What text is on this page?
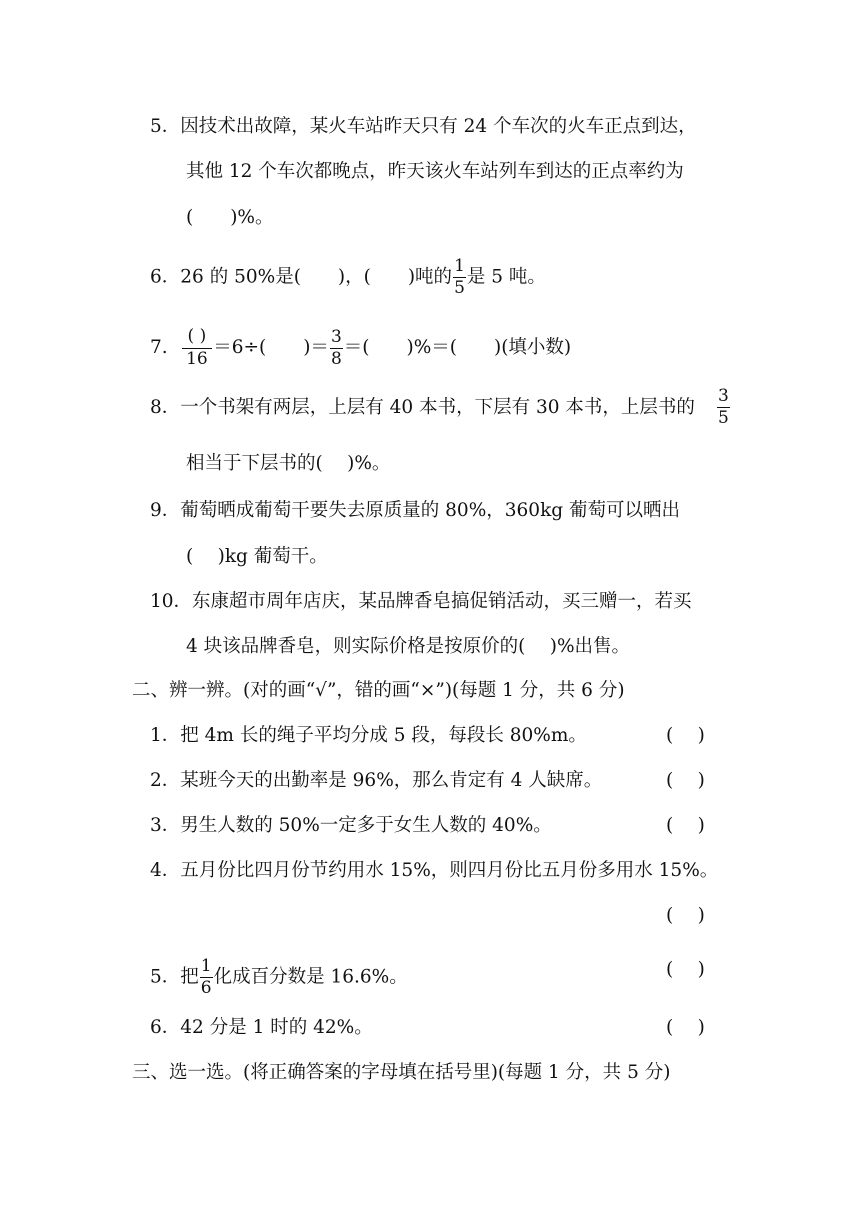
5．因技术出故障，某火车站昨天只有 24 个车次的火车正点到达，
其他 12 个车次都晚点，昨天该火车站列车到达的正点率约为
(　　)%。
6．26 的 50%是(　　)，(　　)吨的 $\frac{1}{5}$ 是 5 吨。
7. $\frac{( )}{16} =6\div$(　　)＝ $\frac{3}{8}$ ＝(　　)%＝(　　)(填小数)
8．一个书架有两层，上层有 40 本书，下层有 30 本书，上层书的 $\frac{3}{5}$
相当于下层书的(　 )%。
9．葡萄晒成葡萄干要失去原质量的 80%，360kg 葡萄可以晒出
(　 )kg 葡萄干。
10．东康超市周年店庆，某品牌香皂搞促销活动，买三赠一，若买
4 块该品牌香皂，则实际价格是按原价的(　 )%出售。
二、辨一辨。(对的画“√”，错的画“×”)(每题 1 分，共 6 分)
1．把 4m 长的绳子平均分成 5 段，每段长 80%m。	(　 )
2．某班今天的出勤率是 96%，那么肯定有 4 人缺席。	(　 )
3．男生人数的 50%一定多于女生人数的 40%。	(　 )
4．五月份比四月份节约用水 15%，则四月份比五月份多用水 15%。
(　 )
5．把 $\frac{1}{6}$ 化成百分数是 16.6%。	(　 )
6．42 分是 1 时的 42%。	(　 )
三、选一选。(将正确答案的字母填在括号里)(每题 1 分，共 5 分)
